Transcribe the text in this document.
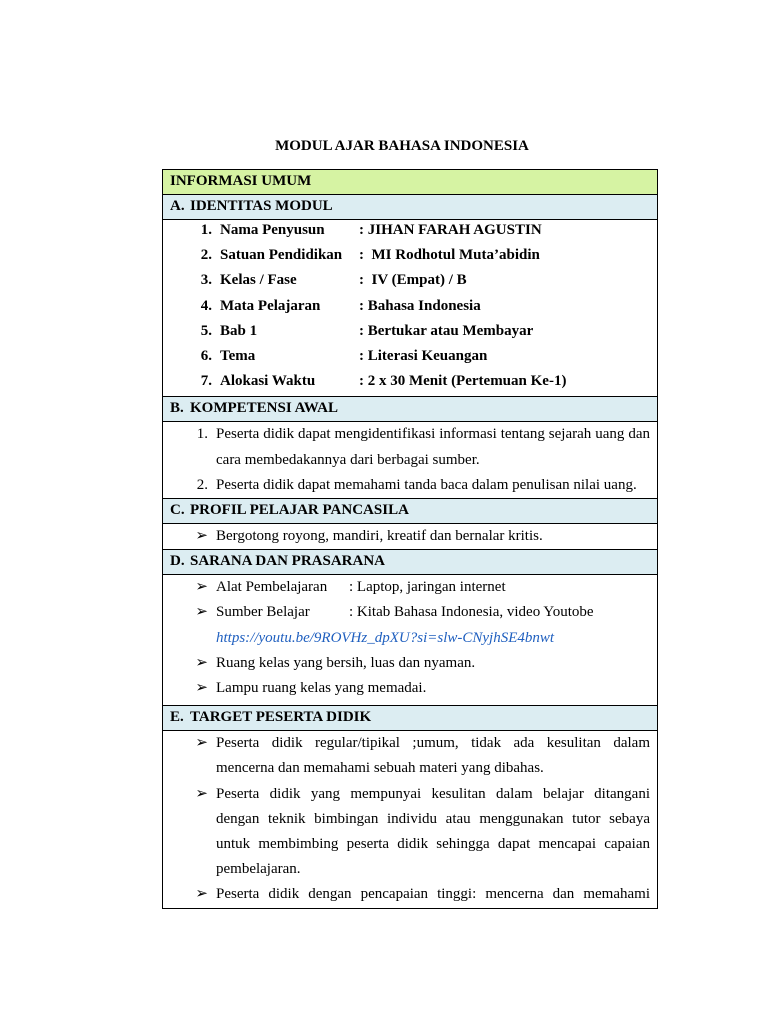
MODUL AJAR BAHASA INDONESIA
INFORMASI UMUM
A. IDENTITAS MODUL
1. Nama Penyusun	: JIHAN FARAH AGUSTIN
2. Satuan Pendidikan	:  MI Rodhotul Muta’abidin
3. Kelas / Fase	:  IV (Empat) / B
4. Mata Pelajaran	: Bahasa Indonesia
5. Bab 1	: Bertukar atau Membayar
6. Tema	: Literasi Keuangan
7. Alokasi Waktu	: 2 x 30 Menit (Pertemuan Ke-1)
B. KOMPETENSI AWAL
1. Peserta didik dapat mengidentifikasi informasi tentang sejarah uang dan cara membedakannya dari berbagai sumber.
2. Peserta didik dapat memahami tanda baca dalam penulisan nilai uang.
C. PROFIL PELAJAR PANCASILA
➢ Bergotong royong, mandiri, kreatif dan bernalar kritis.
D. SARANA DAN PRASARANA
➢ Alat Pembelajaran : Laptop, jaringan internet
➢ Sumber Belajar	: Kitab Bahasa Indonesia, video Youtobe
https://youtu.be/9ROVHz_dpXU?si=slw-CNyjhSE4bnwt
➢ Ruang kelas yang bersih, luas dan nyaman.
➢ Lampu ruang kelas yang memadai.
E. TARGET PESERTA DIDIK
➢ Peserta didik regular/tipikal ;umum, tidak ada kesulitan dalam mencerna dan memahami sebuah materi yang dibahas.
➢ Peserta didik yang mempunyai kesulitan dalam belajar ditangani dengan teknik bimbingan individu atau menggunakan tutor sebaya untuk membimbing peserta didik sehingga dapat mencapai capaian pembelajaran.
➢ Peserta didik dengan pencapaian tinggi: mencerna dan memahami
